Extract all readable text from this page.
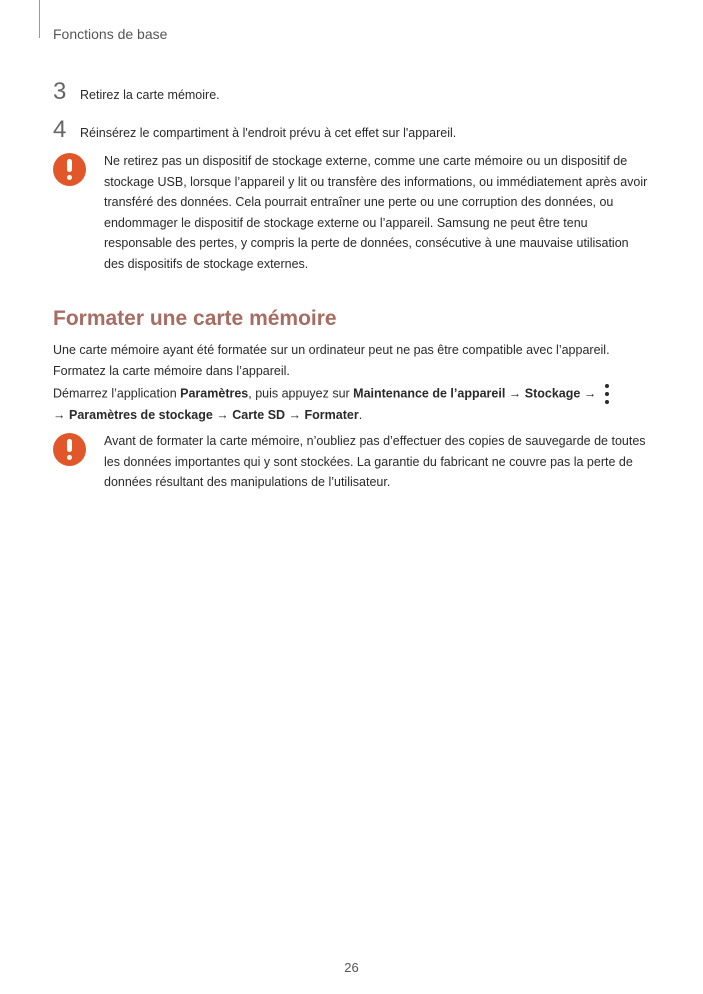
Fonctions de base
3	Retirez la carte mémoire.
4	Réinsérez le compartiment à l'endroit prévu à cet effet sur l'appareil.
Ne retirez pas un dispositif de stockage externe, comme une carte mémoire ou un dispositif de stockage USB, lorsque l’appareil y lit ou transfère des informations, ou immédiatement après avoir transféré des données. Cela pourrait entraîner une perte ou une corruption des données, ou endommager le dispositif de stockage externe ou l’appareil. Samsung ne peut être tenu responsable des pertes, y compris la perte de données, consécutive à une mauvaise utilisation des dispositifs de stockage externes.
Formater une carte mémoire
Une carte mémoire ayant été formatée sur un ordinateur peut ne pas être compatible avec l’appareil. Formatez la carte mémoire dans l’appareil.
Démarrez l’application Paramètres, puis appuyez sur Maintenance de l’appareil → Stockage →

→ Paramètres de stockage → Carte SD → Formater.
Avant de formater la carte mémoire, n’oubliez pas d’effectuer des copies de sauvegarde de toutes les données importantes qui y sont stockées. La garantie du fabricant ne couvre pas la perte de données résultant des manipulations de l’utilisateur.
26
